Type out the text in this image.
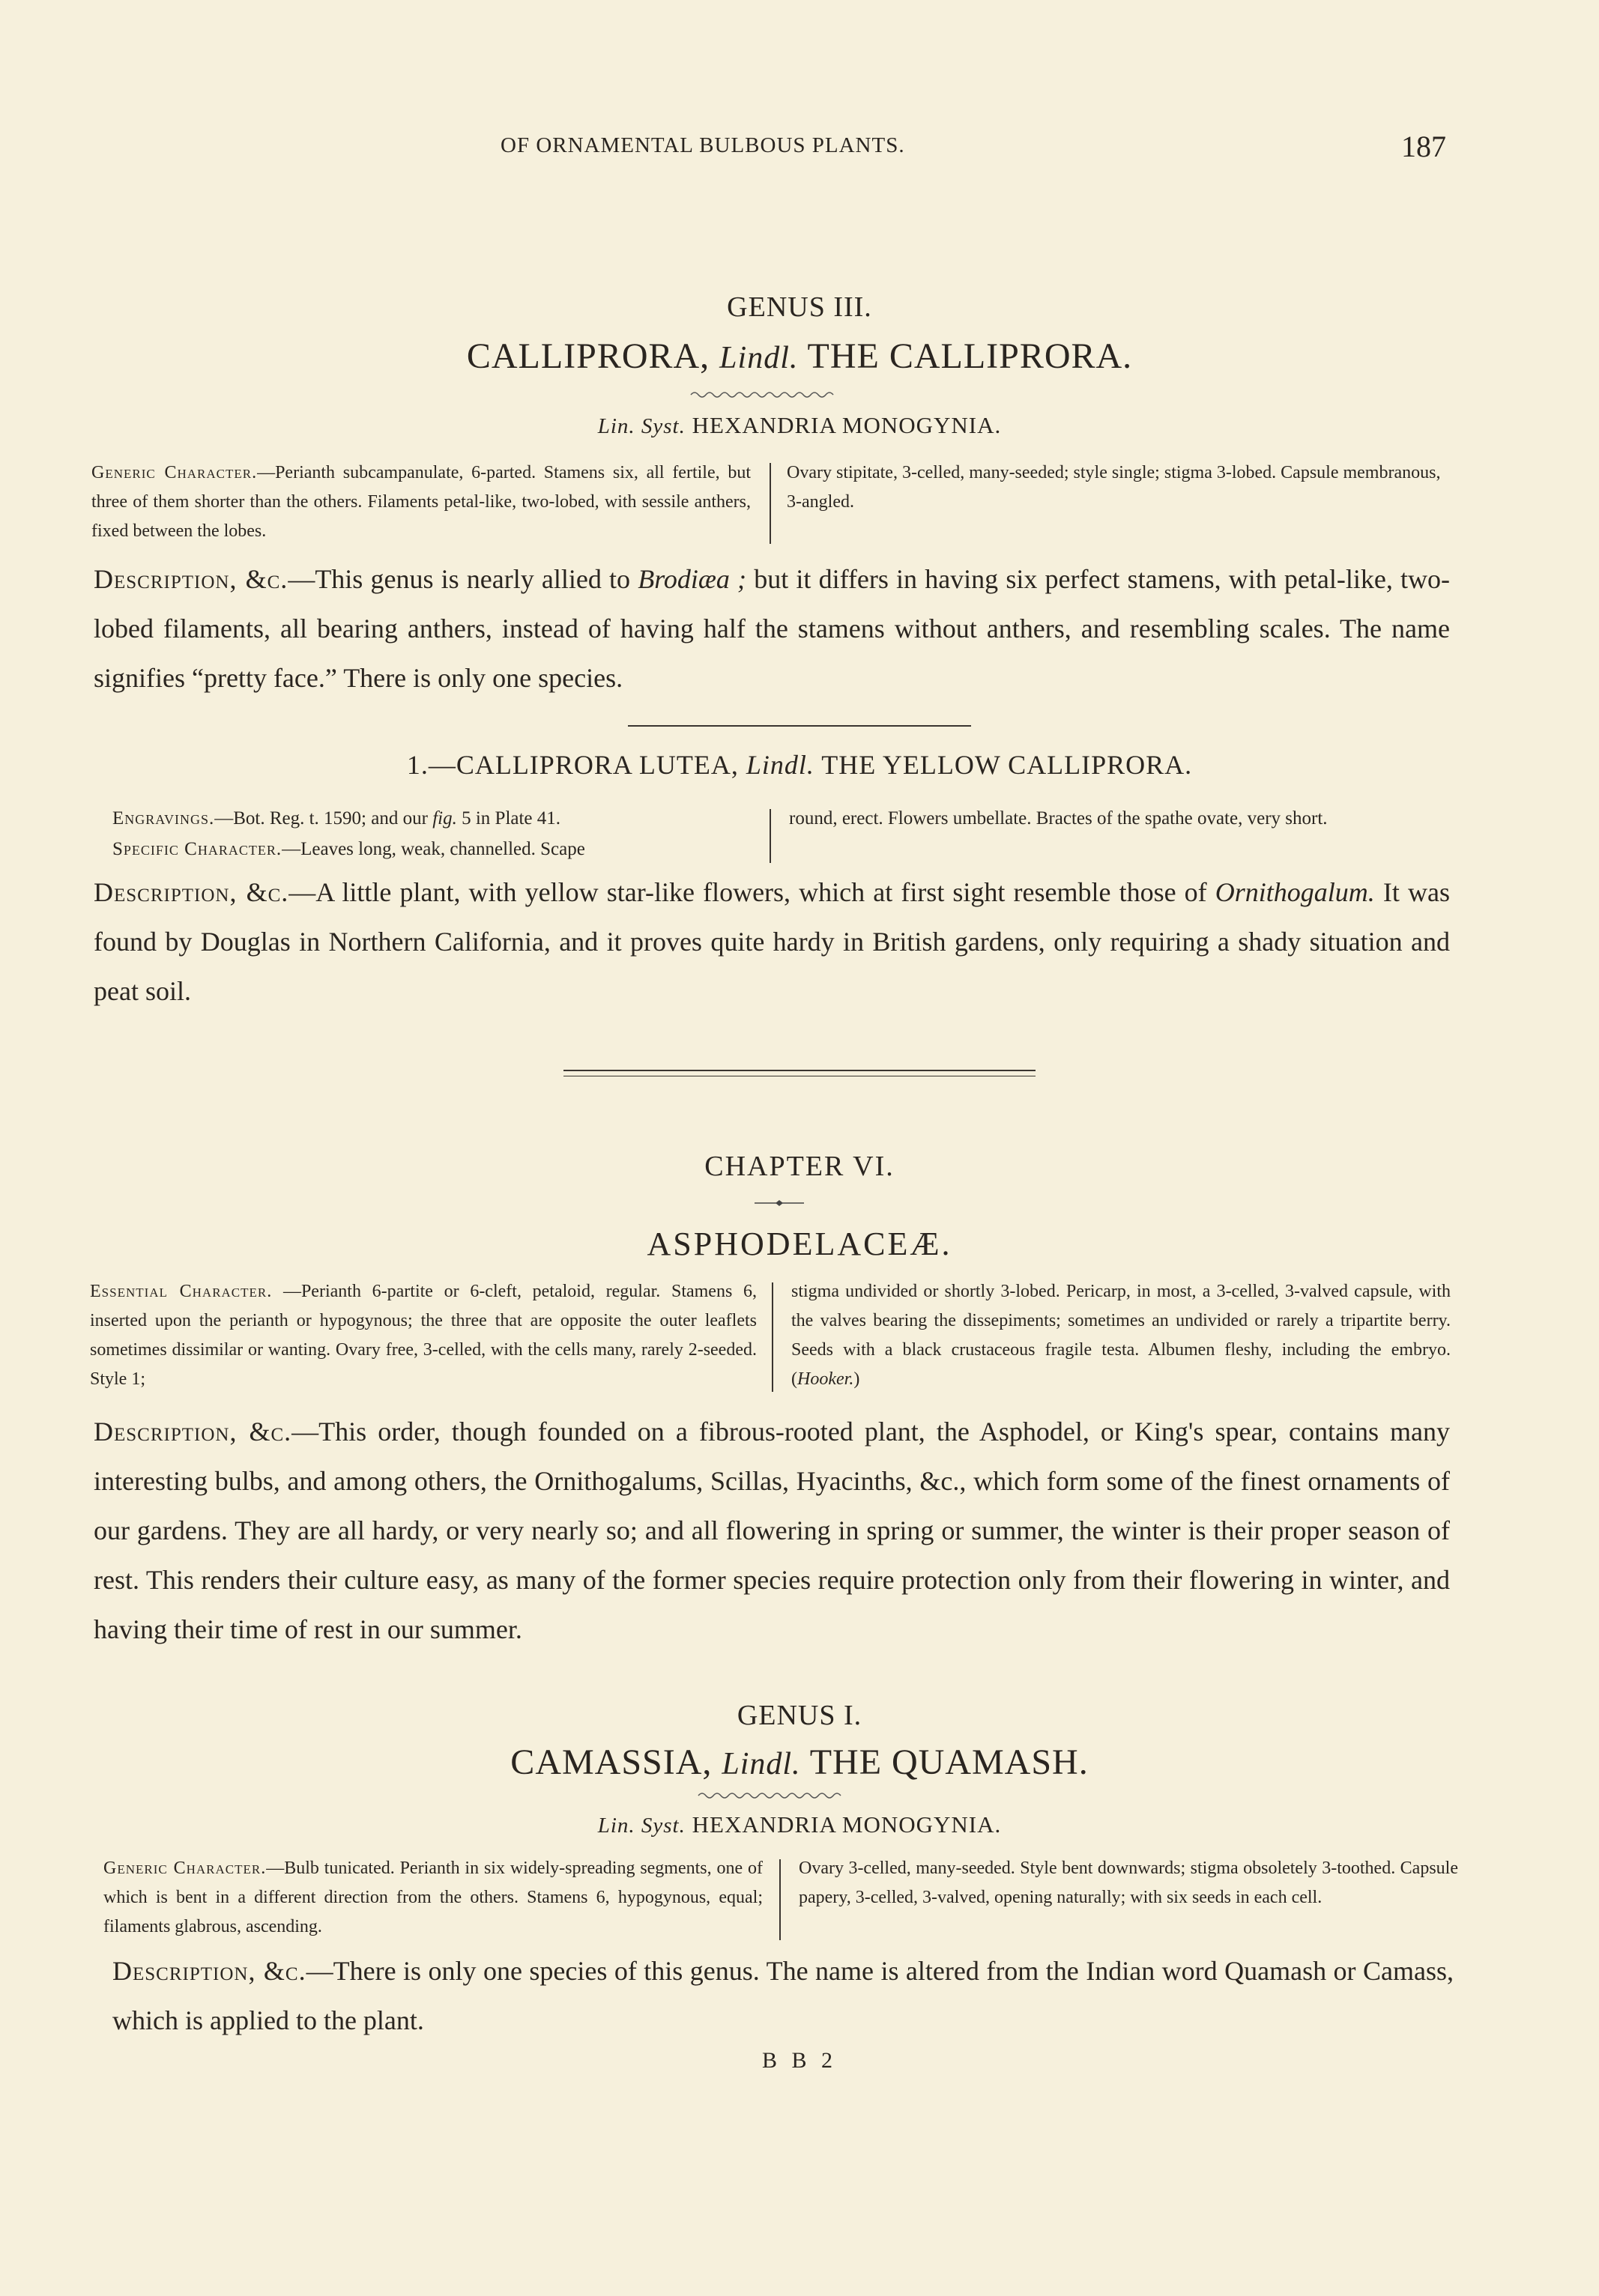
OF ORNAMENTAL BULBOUS PLANTS.	187
GENUS III.
CALLIPRORA, Lindl. THE CALLIPRORA.
Lin. Syst. HEXANDRIA MONOGYNIA.
Generic Character.—Perianth subcampanulate, 6-parted. Stamens six, all fertile, but three of them shorter than the others. Filaments petal-like, two-lobed, with sessile anthers, fixed between the lobes.
Ovary stipitate, 3-celled, many-seeded; style single; stigma 3-lobed. Capsule membranous, 3-angled.
Description, &c.—This genus is nearly allied to Brodiæa ; but it differs in having six perfect stamens, with petal-like, two-lobed filaments, all bearing anthers, instead of having half the stamens without anthers, and resembling scales. The name signifies “pretty face.” There is only one species.
1.—CALLIPRORA LUTEA, Lindl. THE YELLOW CALLIPRORA.
Engravings.—Bot. Reg. t. 1590; and our fig. 5 in Plate 41.
Specific Character.—Leaves long, weak, channelled. Scape
round, erect. Flowers umbellate. Bractes of the spathe ovate, very short.
Description, &c.—A little plant, with yellow star-like flowers, which at first sight resemble those of Ornithogalum. It was found by Douglas in Northern California, and it proves quite hardy in British gardens, only requiring a shady situation and peat soil.
CHAPTER VI.
ASPHODELACEÆ.
Essential Character. —Perianth 6-partite or 6-cleft, petaloid, regular. Stamens 6, inserted upon the perianth or hypogynous; the three that are opposite the outer leaflets sometimes dissimilar or wanting. Ovary free, 3-celled, with the cells many, rarely 2-seeded. Style 1;
stigma undivided or shortly 3-lobed. Pericarp, in most, a 3-celled, 3-valved capsule, with the valves bearing the dissepiments; sometimes an undivided or rarely a tripartite berry. Seeds with a black crustaceous fragile testa. Albumen fleshy, including the embryo. (Hooker.)
Description, &c.—This order, though founded on a fibrous-rooted plant, the Asphodel, or King's spear, contains many interesting bulbs, and among others, the Ornithogalums, Scillas, Hyacinths, &c., which form some of the finest ornaments of our gardens. They are all hardy, or very nearly so; and all flowering in spring or summer, the winter is their proper season of rest. This renders their culture easy, as many of the former species require protection only from their flowering in winter, and having their time of rest in our summer.
GENUS I.
CAMASSIA, Lindl. THE QUAMASH.
Lin. Syst. HEXANDRIA MONOGYNIA.
Generic Character.—Bulb tunicated. Perianth in six widely-spreading segments, one of which is bent in a different direction from the others. Stamens 6, hypogynous, equal; filaments glabrous, ascending.
Ovary 3-celled, many-seeded. Style bent downwards; stigma obsoletely 3-toothed. Capsule papery, 3-celled, 3-valved, opening naturally; with six seeds in each cell.
Description, &c.—There is only one species of this genus. The name is altered from the Indian word Quamash or Camass, which is applied to the plant.
B B 2
